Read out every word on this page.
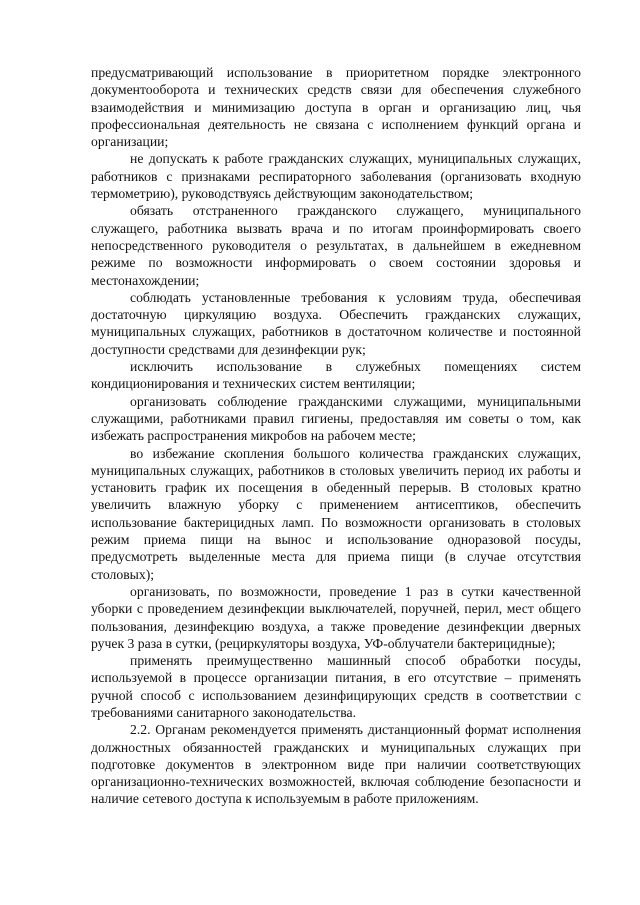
предусматривающий использование в приоритетном порядке электронного документооборота и технических средств связи для обеспечения служебного взаимодействия и минимизацию доступа в орган и организацию лиц, чья профессиональная деятельность не связана с исполнением функций органа и организации;

не допускать к работе гражданских служащих, муниципальных служащих, работников с признаками респираторного заболевания (организовать входную термометрию), руководствуясь действующим законодательством;

обязать отстраненного гражданского служащего, муниципального служащего, работника вызвать врача и по итогам проинформировать своего непосредственного руководителя о результатах, в дальнейшем в ежедневном режиме по возможности информировать о своем состоянии здоровья и местонахождении;

соблюдать установленные требования к условиям труда, обеспечивая достаточную циркуляцию воздуха. Обеспечить гражданских служащих, муниципальных служащих, работников в достаточном количестве и постоянной доступности средствами для дезинфекции рук;

исключить использование в служебных помещениях систем кондиционирования и технических систем вентиляции;

организовать соблюдение гражданскими служащими, муниципальными служащими, работниками правил гигиены, предоставляя им советы о том, как избежать распространения микробов на рабочем месте;

во избежание скопления большого количества гражданских служащих, муниципальных служащих, работников в столовых увеличить период их работы и установить график их посещения в обеденный перерыв. В столовых кратно увеличить влажную уборку с применением антисептиков, обеспечить использование бактерицидных ламп. По возможности организовать в столовых режим приема пищи на вынос и использование одноразовой посуды, предусмотреть выделенные места для приема пищи (в случае отсутствия столовых);

организовать, по возможности, проведение 1 раз в сутки качественной уборки с проведением дезинфекции выключателей, поручней, перил, мест общего пользования, дезинфекцию воздуха, а также проведение дезинфекции дверных ручек 3 раза в сутки, (рециркуляторы воздуха, УФ-облучатели бактерицидные);

применять преимущественно машинный способ обработки посуды, используемой в процессе организации питания, в его отсутствие – применять ручной способ с использованием дезинфицирующих средств в соответствии с требованиями санитарного законодательства.

2.2. Органам рекомендуется применять дистанционный формат исполнения должностных обязанностей гражданских и муниципальных служащих при подготовке документов в электронном виде при наличии соответствующих организационно-технических возможностей, включая соблюдение безопасности и наличие сетевого доступа к используемым в работе приложениям.
